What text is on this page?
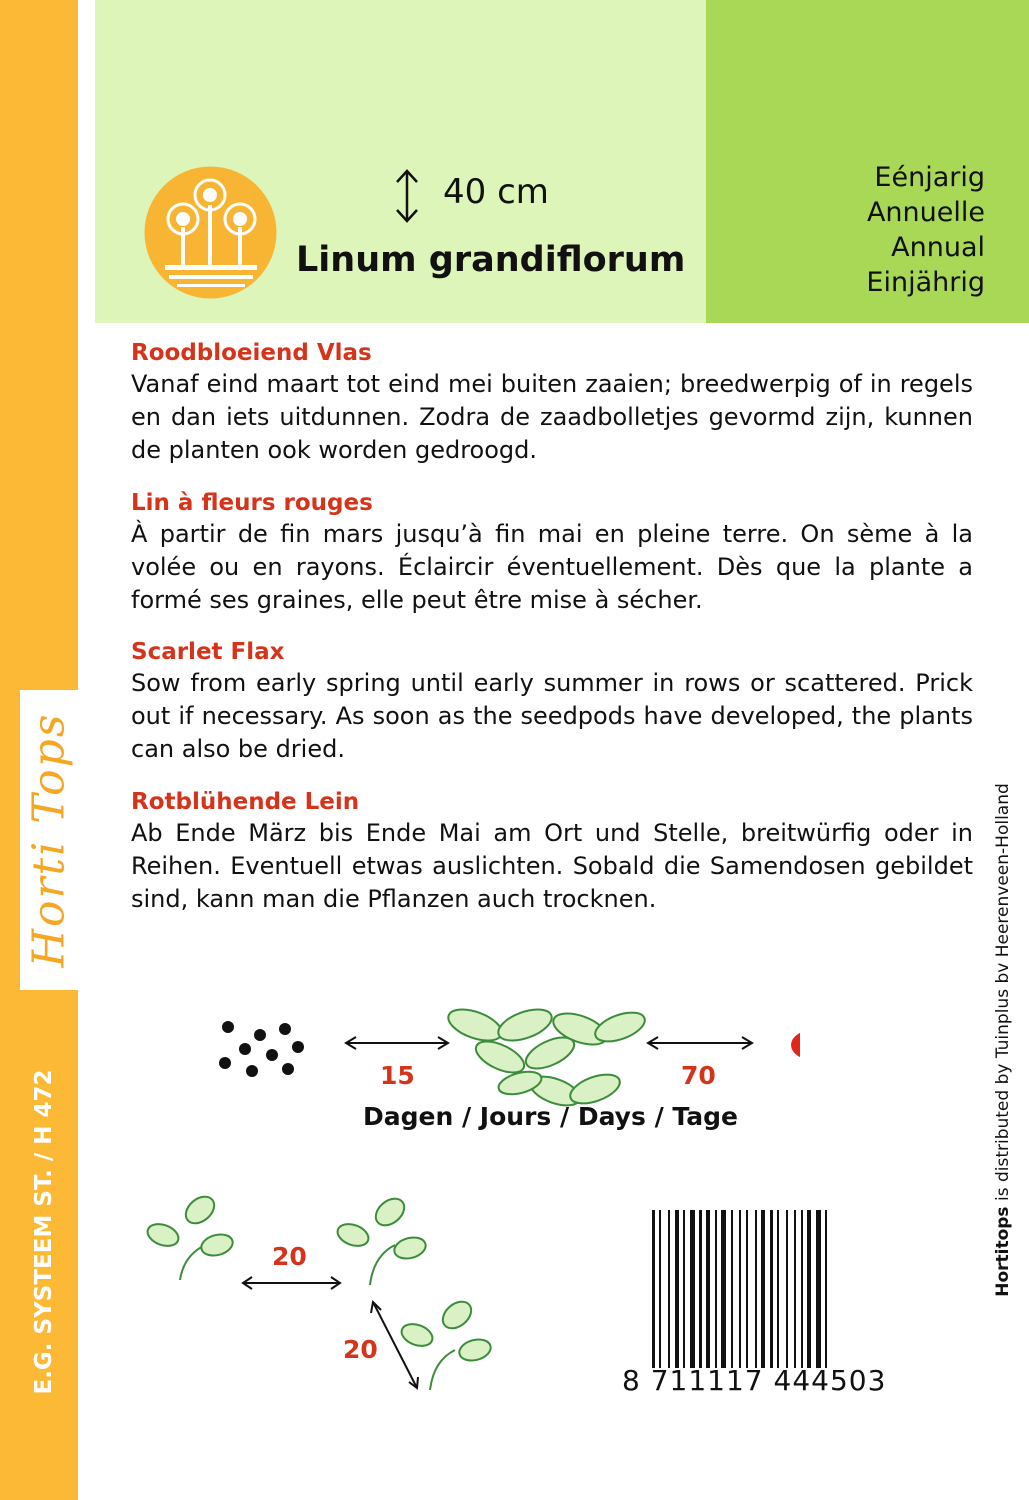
Horti Tops
E.G. SYSTEEM ST. / H 472
40 cm
Linum grandiflorum
Eénjarig
Annuelle
Annual
Einjährig
Roodbloeiend Vlas
Vanaf eind maart tot eind mei buiten zaaien; breedwerpig of in regels en dan iets uitdunnen. Zodra de zaadbolletjes gevormd zijn, kunnen de planten ook worden gedroogd.
Lin à fleurs rouges
À partir de fin mars jusqu’à fin mai en pleine terre. On sème à la volée ou en rayons. Éclaircir éventuellement. Dès que la plante a formé ses graines, elle peut être mise à sécher.
Scarlet Flax
Sow from early spring until early summer in rows or scattered. Prick out if necessary. As soon as the seedpods have developed, the plants can also be dried.
Rotblühende Lein
Ab Ende März bis Ende Mai am Ort und Stelle, breitwürfig oder in Reihen. Eventuell etwas auslichten. Sobald die Samendosen gebildet sind, kann man die Pflanzen auch trocknen.
Hortitops is distributed by Tuinplus bv Heerenveen-Holland
15	70
Dagen / Jours / Days / Tage
20
20
8 711117 444503
